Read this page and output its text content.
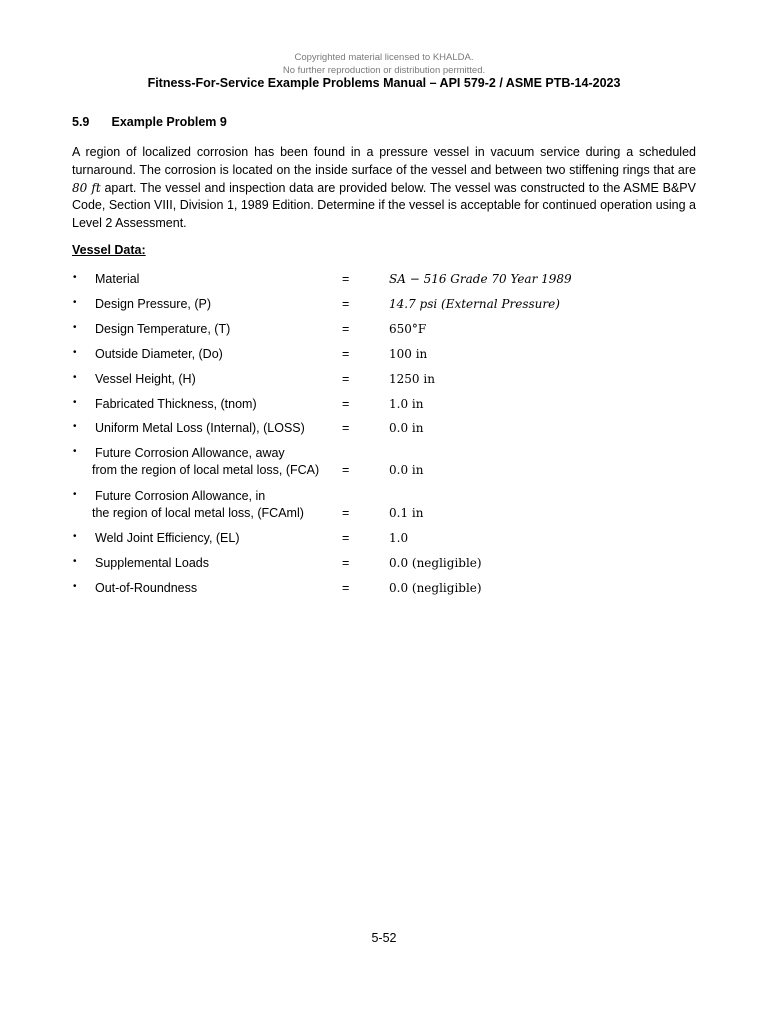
Copyrighted material licensed to KHALDA.
No further reproduction or distribution permitted.
Fitness-For-Service Example Problems Manual – API 579-2 / ASME PTB-14-2023
5.9 Example Problem 9
A region of localized corrosion has been found in a pressure vessel in vacuum service during a scheduled turnaround. The corrosion is located on the inside surface of the vessel and between two stiffening rings that are 80 ft apart. The vessel and inspection data are provided below. The vessel was constructed to the ASME B&PV Code, Section VIII, Division 1, 1989 Edition. Determine if the vessel is acceptable for continued operation using a Level 2 Assessment.
Vessel Data:
• Material	=	SA − 516 Grade 70 Year 1989
• Design Pressure, (P)	=	14.7 psi (External Pressure)
• Design Temperature, (T)	=	650°F
• Outside Diameter, (Do)	=	100 in
• Vessel Height, (H)	=	1250 in
• Fabricated Thickness, (tnom)	=	1.0 in
• Uniform Metal Loss (Internal), (LOSS)	=	0.0 in
• Future Corrosion Allowance, away
from the region of local metal loss, (FCA) =	0.0 in
• Future Corrosion Allowance, in
the region of local metal loss, (FCAml)	=	0.1 in
• Weld Joint Efficiency, (EL)	=	1.0
• Supplemental Loads	=	0.0 (negligible)
• Out-of-Roundness	=	0.0 (negligible)
5-52
